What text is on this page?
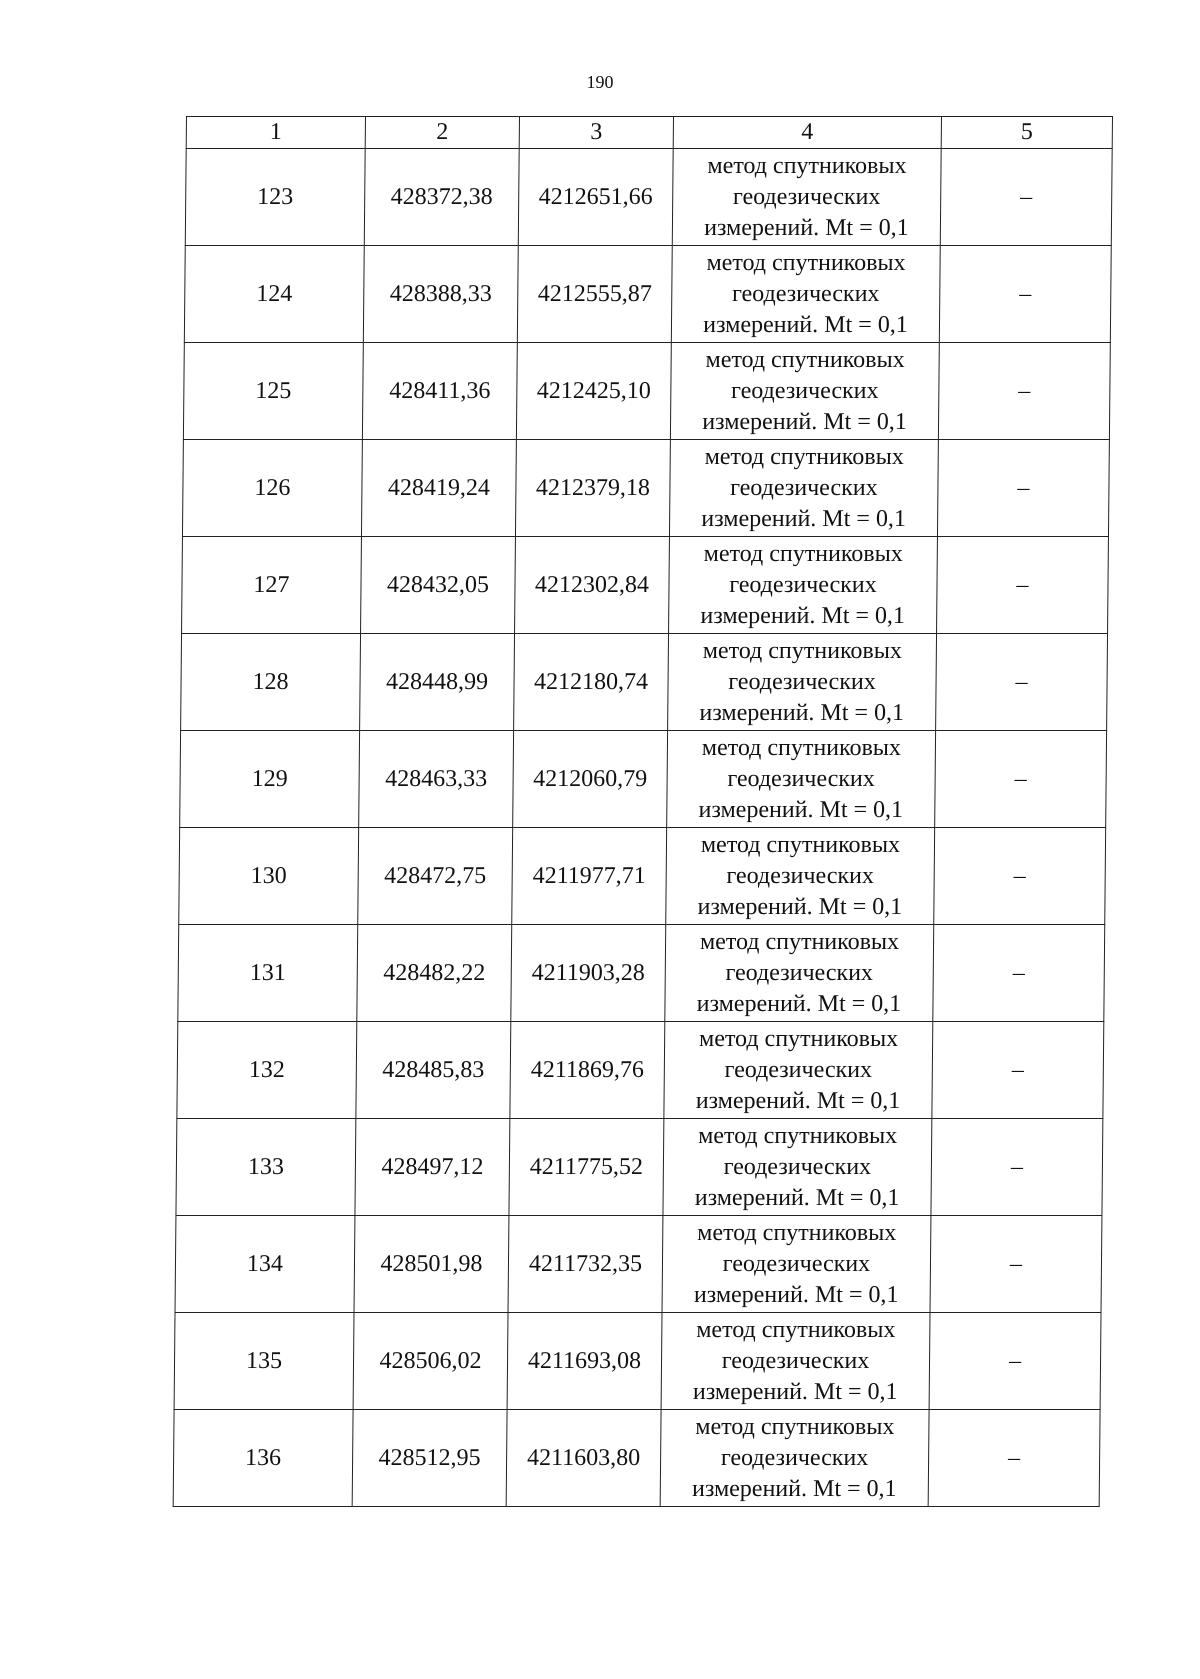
190
1	2	3	4	5
123	428372,38	4212651,66	метод спутниковых
геодезических
измерений. Mt = 0,1	–
124	428388,33	4212555,87	метод спутниковых
геодезических
измерений. Mt = 0,1	–
125	428411,36	4212425,10	метод спутниковых
геодезических
измерений. Mt = 0,1	–
126	428419,24	4212379,18	метод спутниковых
геодезических
измерений. Mt = 0,1	–
127	428432,05	4212302,84	метод спутниковых
геодезических
измерений. Mt = 0,1	–
128	428448,99	4212180,74	метод спутниковых
геодезических
измерений. Mt = 0,1	–
129	428463,33	4212060,79	метод спутниковых
геодезических
измерений. Mt = 0,1	–
130	428472,75	4211977,71	метод спутниковых
геодезических
измерений. Mt = 0,1	–
131	428482,22	4211903,28	метод спутниковых
геодезических
измерений. Mt = 0,1	–
132	428485,83	4211869,76	метод спутниковых
геодезических
измерений. Mt = 0,1	–
133	428497,12	4211775,52	метод спутниковых
геодезических
измерений. Mt = 0,1	–
134	428501,98	4211732,35	метод спутниковых
геодезических
измерений. Mt = 0,1	–
135	428506,02	4211693,08	метод спутниковых
геодезических
измерений. Mt = 0,1	–
136	428512,95	4211603,80	метод спутниковых
геодезических
измерений. Mt = 0,1	–
